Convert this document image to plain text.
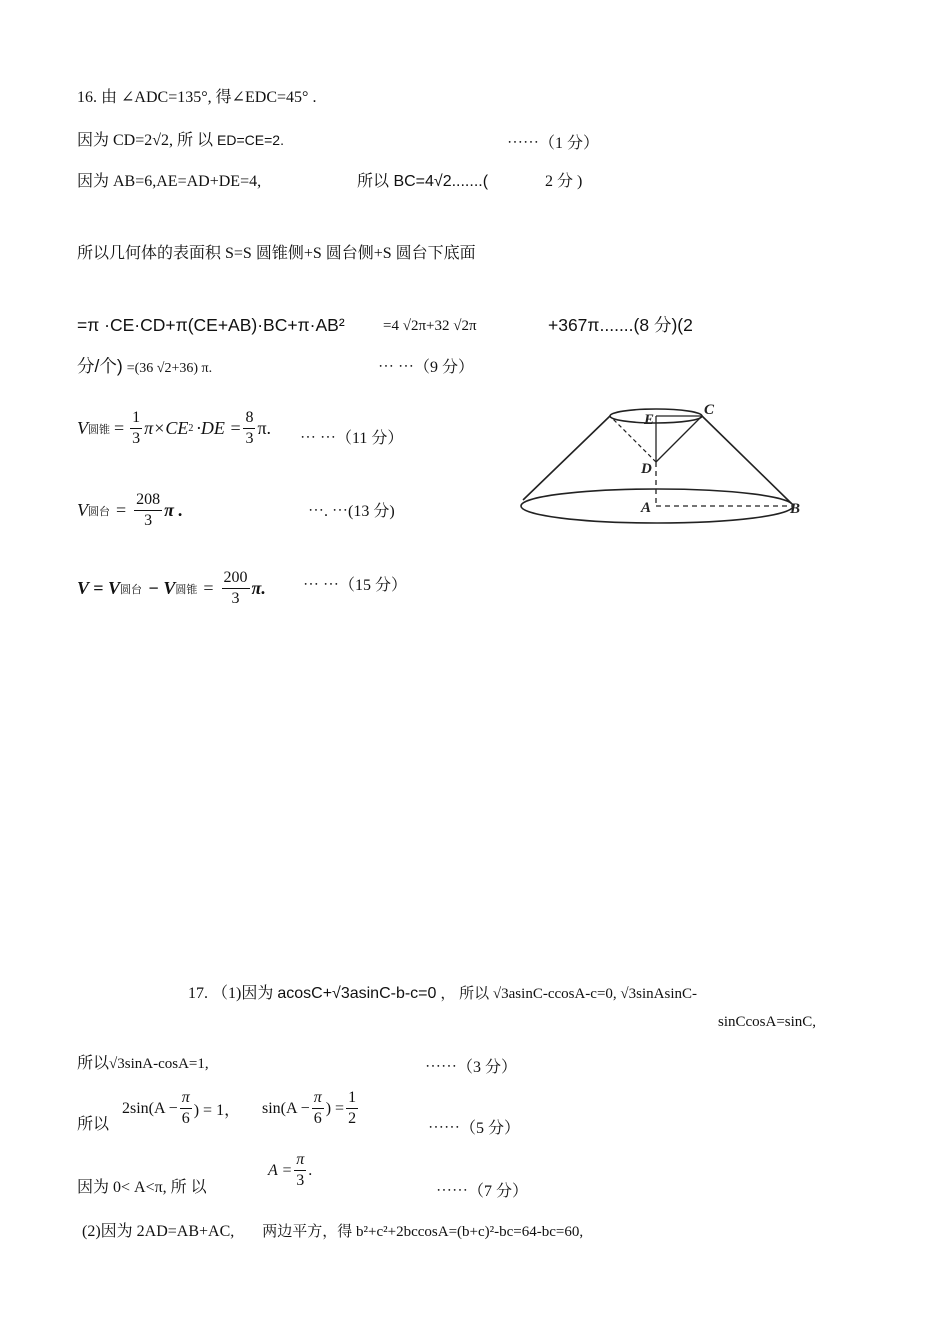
16. 由 ∠ADC=135°, 得∠EDC=45° .
因为 CD=2√2, 所 以 ED=CE=2.	⋯⋯（1 分）
因为 AB=6,AE=AD+DE=4,	所以 BC=4√2.......(	2 分 )
所以几何体的表面积 S=S 圆锥侧+S 圆台侧+S 圆台下底面
=π ·CE·CD+π(CE+AB)·BC+π·AB²	=4 √2π+32 √2π	+367π.......(8 分)(2
分/个) =(36 √2+36) π.	⋯ ⋯（9 分）
V 圆锥 = $\frac{1}{3} \pi\times CE$ $2 \cdot DE = \frac{8}{3} \pi$.
⋯ ⋯（11 分）
V 圆台 = $\frac{208}{3}$ π .	⋯. ⋯(13 分)
V = V 圆台 − V 圆锥 = $\frac{200}{3} \pi$. ⋯ ⋯（15 分）
E
C
D
A	B
17. （1)因为 acosC+√3asinC-b-c=0 ， 所以 √3asinC-ccosA-c=0, √3sinAsinC-
sinCcosA=sinC,
所以√3sinA-cosA=1,	⋯⋯（3 分）
所以
$2\sin(A - \frac{\pi}{6}$ ) = 1， $\sin(A - \frac{\pi}{6}$ ) = $\frac{1}{2}$
⋯⋯（5 分）
因为 0< A<π, 所 以
$A = \frac{\pi}{3}$ .
⋯⋯（7 分）
(2)因为 2AD=AB+AC, 两边平方，得 b²+c²+2bccosA=(b+c)²-bc=64-bc=60,
